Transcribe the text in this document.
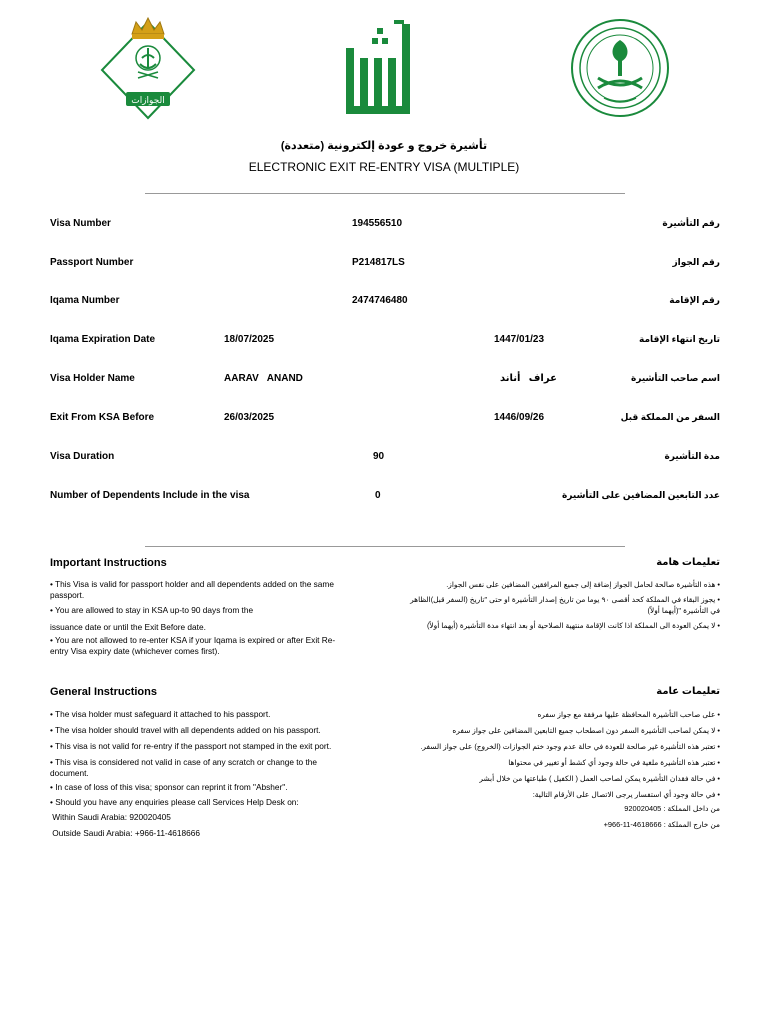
الجوازات
تأشيرة خروج و عودة إلكترونية (متعددة)
ELECTRONIC EXIT RE-ENTRY VISA (MULTIPLE)
Visa Number	194556510	رقم التأشيرة
Passport Number	P214817LS	رقم الجواز
Iqama Number	2474746480	رقم الإقامة
Iqama Expiration Date	18/07/2025	1447/01/23	تاريخ انتهاء الإقامة
Visa Holder Name	AARAV   ANAND	عراف   أناند	اسم صاحب التأشيرة
Exit From KSA Before	26/03/2025	1446/09/26	السفر من المملكة قبل
Visa Duration	90	مدة التأشيرة
Number of Dependents Include in the visa	0	عدد التابعين المضافين على التأشيرة
Important Instructions	تعليمات هامة
• This Visa is valid for passport holder and all dependents added on the same passport.
• You are allowed to stay in KSA up-to 90 days from the
issuance date or until the Exit Before date.
• You are not allowed to re-enter KSA if your Iqama is expired or after Exit Re-entry Visa expiry date (whichever comes first).
• هذه التأشيرة صالحة لحامل الجواز إضافة إلى جميع المرافقين المضافين على نفس الجواز.
• يجوز البقاء في المملكة كحد أقصى ٩٠ يوما من تاريخ إصدار التأشيرة او حتى "تاريخ (السفر قبل)الظاهر في التأشيرة "(أيهما أولاً)
• لا يمكن العودة الى المملكة اذا كانت الإقامة منتهية الصلاحية أو بعد انتهاء مدة التأشيرة (أيهما أولاً)
General Instructions	تعليمات عامة
• The visa holder must safeguard it attached to his passport.
• The visa holder should travel with all dependents added on his passport.
• This visa is not valid for re-entry if the passport not stamped in the exit port.
• This visa is considered not valid in case of any scratch or change to the document.
• In case of loss of this visa; sponsor can reprint it from "Absher".
• Should you have any enquiries please call Services Help Desk on:
Within Saudi Arabia: 920020405
Outside Saudi Arabia: +966-11-4618666
• على صاحب التأشيرة المحافظة عليها مرفقة مع جواز سفره
• لا يمكن لصاحب التأشيرة السفر دون اصطحاب جميع التابعين المضافين على جواز سفره
• تعتبر هذه التأشيرة غير صالحة للعودة في حالة عدم وجود ختم الجوازات (الخروج) على جواز السفر.
• تعتبر هذه التأشيرة ملغية في حالة وجود أي كشط أو تغيير في محتواها
• في حالة فقدان التأشيرة يمكن لصاحب العمل ( الكفيل ) طباعتها من خلال أبشر
• في حالة وجود أي استفسار يرجى الاتصال على الأرقام التالية:
من داخل المملكة : 920020405
من خارج المملكة : 4618666-11-966+
